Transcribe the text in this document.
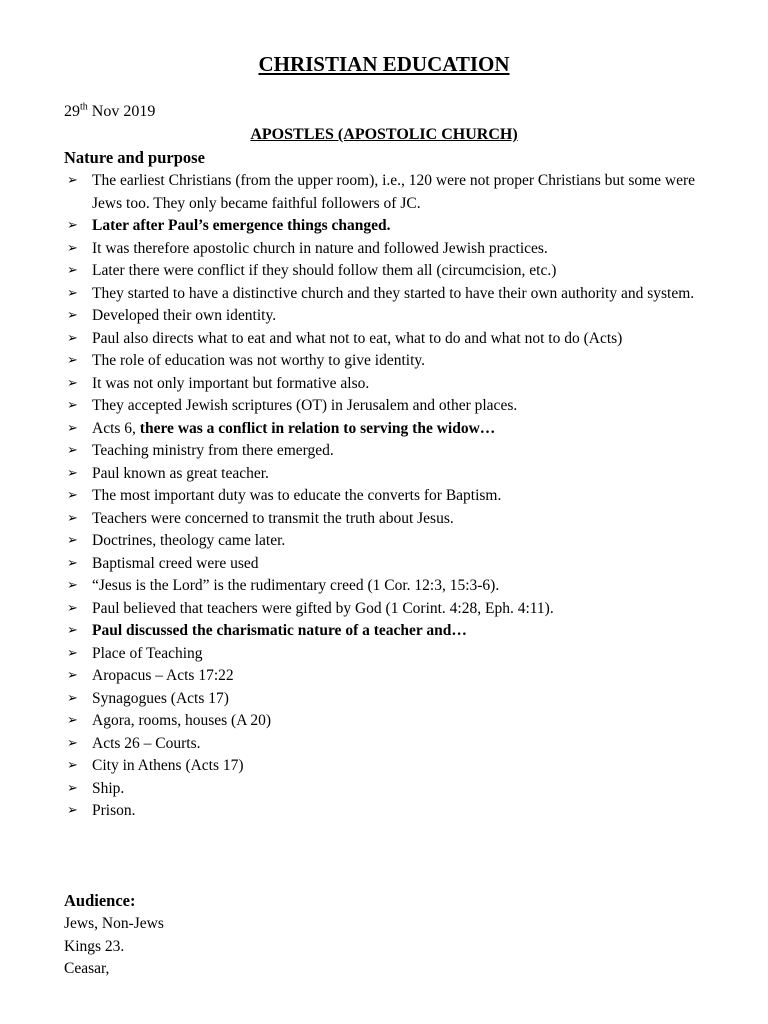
CHRISTIAN EDUCATION
29th Nov 2019
APOSTLES (APOSTOLIC CHURCH)
Nature and purpose
➢ The earliest Christians (from the upper room), i.e., 120 were not proper Christians but some were Jews too. They only became faithful followers of JC.
➢ Later after Paul’s emergence things changed.
➢ It was therefore apostolic church in nature and followed Jewish practices.
➢ Later there were conflict if they should follow them all (circumcision, etc.)
➢ They started to have a distinctive church and they started to have their own authority and system.
➢ Developed their own identity.
➢ Paul also directs what to eat and what not to eat, what to do and what not to do (Acts)
➢ The role of education was not worthy to give identity.
➢ It was not only important but formative also.
➢ They accepted Jewish scriptures (OT) in Jerusalem and other places.
➢ Acts 6, there was a conflict in relation to serving the widow…
➢ Teaching ministry from there emerged.
➢ Paul known as great teacher.
➢ The most important duty was to educate the converts for Baptism.
➢ Teachers were concerned to transmit the truth about Jesus.
➢ Doctrines, theology came later.
➢ Baptismal creed were used
➢ “Jesus is the Lord” is the rudimentary creed (1 Cor. 12:3, 15:3-6).
➢ Paul believed that teachers were gifted by God (1 Corint. 4:28, Eph. 4:11).
➢ Paul discussed the charismatic nature of a teacher and…
➢ Place of Teaching
➢ Aropacus – Acts 17:22
➢ Synagogues (Acts 17)
➢ Agora, rooms, houses (A 20)
➢ Acts 26 – Courts.
➢ City in Athens (Acts 17)
➢ Ship.
➢ Prison.
Audience:
Jews, Non-Jews
Kings 23.
Ceasar,
